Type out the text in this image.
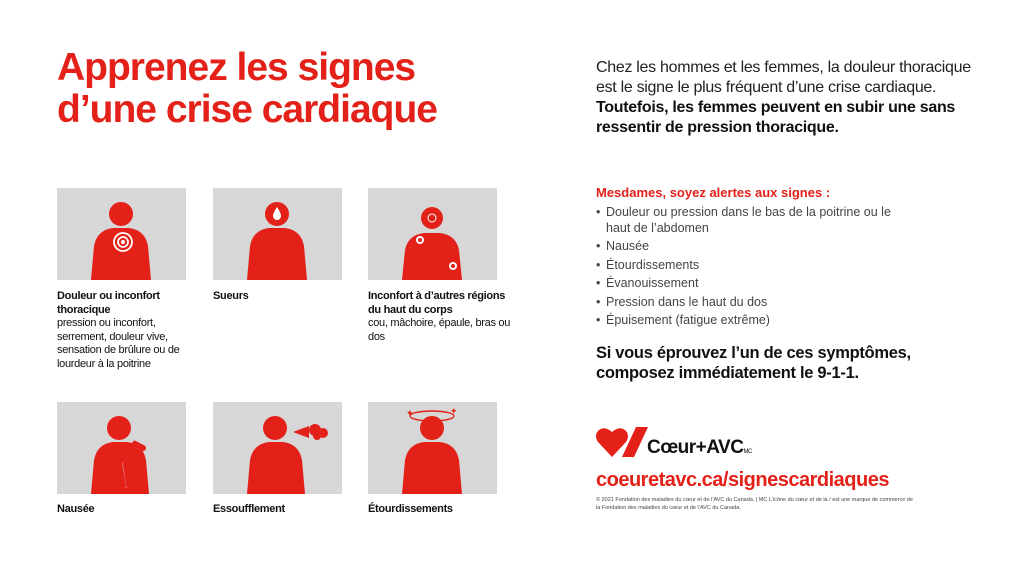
Apprenez les signes
d’une crise cardiaque
Douleur ou inconfort thoracique
pression ou inconfort, serrement, douleur vive, sensation de brûlure ou de lourdeur à la poitrine
Sueurs	Inconfort à d’autres régions du haut du corps
cou, mâchoire, épaule, bras ou dos
✦	✦
Nausée	Essoufflement	Étourdissements

Chez les hommes et les femmes, la douleur thoracique est le signe le plus fréquent d’une crise cardiaque. Toutefois, les femmes peuvent en subir une sans ressentir de pression thoracique.

Mesdames, soyez alertes aux signes :

• Douleur ou pression dans le bas de la poitrine ou le haut de l’abdomen
• Nausée
• Étourdissements
• Évanouissement
• Pression dans le haut du dos
• Épuisement (fatigue extrême)

Si vous éprouvez l’un de ces symptômes, composez immédiatement le 9-1-1.

Cœur+AVCMC

coeuretavc.ca/signescardiaques

© 2021 Fondation des maladies du cœur et de l’AVC du Canada. | MC L’icône du cœur et de la / est une marque de commerce de la Fondation des maladies du cœur et de l’AVC du Canada.
